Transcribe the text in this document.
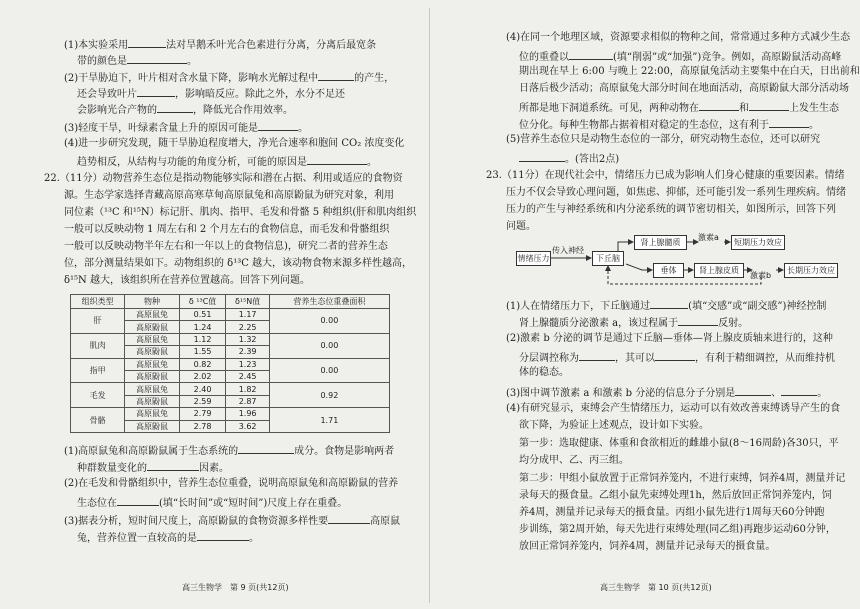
(1)本实验采用	法对旱鹅禾叶光合色素进行分离，分离后最宽条
带的颜色是	。
(2)干旱胁迫下，叶片相对含水量下降，影响水光解过程中	的产生，
还会导致叶片	，影响暗反应。除此之外，水分不足还
会影响光合产物的	，降低光合作用效率。
(3)轻度干旱，叶绿素含量上升的原因可能是	。
(4)进一步研究发现，随干旱胁迫程度增大，净光合速率和胞间 CO₂ 浓度变化
趋势相反，从结构与功能的角度分析，可能的原因是	。
22.（11分）动物营养生态位是指动物能够实际和潜在占据、利用或适应的食物资
源。生态学家选择青藏高原高寒草甸高原鼠兔和高原鼢鼠为研究对象，利用
同位素（¹³C 和¹⁵N）标记肝、肌肉、指甲、毛发和骨骼 5 种组织(肝和肌肉组织
一般可以反映动物 1 周左右和 2 个月左右的食物信息，而毛发和骨骼组织
一般可以反映动物半年左右和一年以上的食物信息)，研究二者的营养生态
位，部分测量结果如下。动物组织的 δ¹³C 越大，该动物食物来源多样性越高，
δ¹⁵N 越大，该组织所在营养位置越高。回答下列问题。
组织类型	物种	δ ¹³C值	δ¹⁵N值	营养生态位重叠面积
肝	高原鼠兔	0.51	1.17	0.00
	高原鼢鼠	1.24	2.25	
肌肉	高原鼠兔	1.12	1.32	0.00
	高原鼢鼠	1.55	2.39	
指甲	高原鼠兔	0.82	1.23	0.00
	高原鼢鼠	2.02	2.45	
毛发	高原鼠兔	2.40	1.82	0.92
	高原鼢鼠	2.59	2.87	
骨骼	高原鼠兔	2.79	1.96	1.71
	高原鼢鼠	2.78	3.62	
(1)高原鼠兔和高原鼢鼠属于生态系统的	成分。食物是影响两者
种群数量变化的	因素。
(2)在毛发和骨骼组织中，营养生态位重叠，说明高原鼠兔和高原鼢鼠的营养
生态位在	(填“长时间”或“短时间”)尺度上存在重叠。
(3)据表分析，短时间尺度上，高原鼢鼠的食物资源多样性要	高原鼠
兔，营养位置一直较高的是	。
高三生物学　第 9 页(共12页)
(4)在同一个地理区域，资源要求相似的物种之间，常常通过多种方式减少生态
位的重叠以	(填“削弱”或“加强”)竞争。例如，高原鼢鼠活动高峰
期出现在早上 6:00 与晚上 22:00，高原鼠兔活动主要集中在白天，日出前和
日落后极少活动；高原鼠兔大部分时间在地面活动，高原鼢鼠大部分活动场
所都是地下洞道系统。可见，两种动物在	和	上发生生态
位分化。每种生物都占据着相对稳定的生态位，这有利于	。
(5)营养生态位只是动物生态位的一部分，研究动物生态位，还可以研究
。(答出2点)
23.（11分）在现代社会中，情绪压力已成为影响人们身心健康的重要因素。情绪
压力不仅会导致心理问题，如焦虑、抑郁，还可能引发一系列生理疾病。情绪
压力的产生与神经系统和内分泌系统的调节密切相关，如图所示，回答下列
问题。
情绪压力
传入神经
下丘脑
肾上腺髓质
激素a
短期压力效应
垂体	肾上腺皮质
激素b
长期压力效应
(1)人在情绪压力下，下丘脑通过	(填“交感”或“副交感”)神经控制
肾上腺髓质分泌激素 a，该过程属于	反射。
(2)激素 b 分泌的调节是通过下丘脑—垂体—肾上腺皮质轴来进行的，这种
分层调控称为	，其可以	，有利于精细调控，从而维持机
体的稳态。
(3)图中调节激素 a 和激素 b 分泌的信息分子分别是	、	。
(4)有研究显示，束缚会产生情绪压力，运动可以有效改善束缚诱导产生的食
欲下降，为验证上述观点，设计如下实验。
第一步：选取健康、体重和食欲相近的雌雄小鼠(8～16周龄)各30只，平
均分成甲、乙、丙三组。
第二步：甲组小鼠放置于正常饲养笼内，不进行束缚，饲养4周，测量并记
录每天的摄食量。乙组小鼠先束缚处理1h，然后放回正常饲养笼内，饲
养4周，测量并记录每天的摄食量。丙组小鼠先进行1周每天60分钟跑
步训练，第2周开始，每天先进行束缚处理(同乙组)再跑步运动60分钟，
放回正常饲养笼内，饲养4周，测量并记录每天的摄食量。
高三生物学　第 10 页(共12页)
